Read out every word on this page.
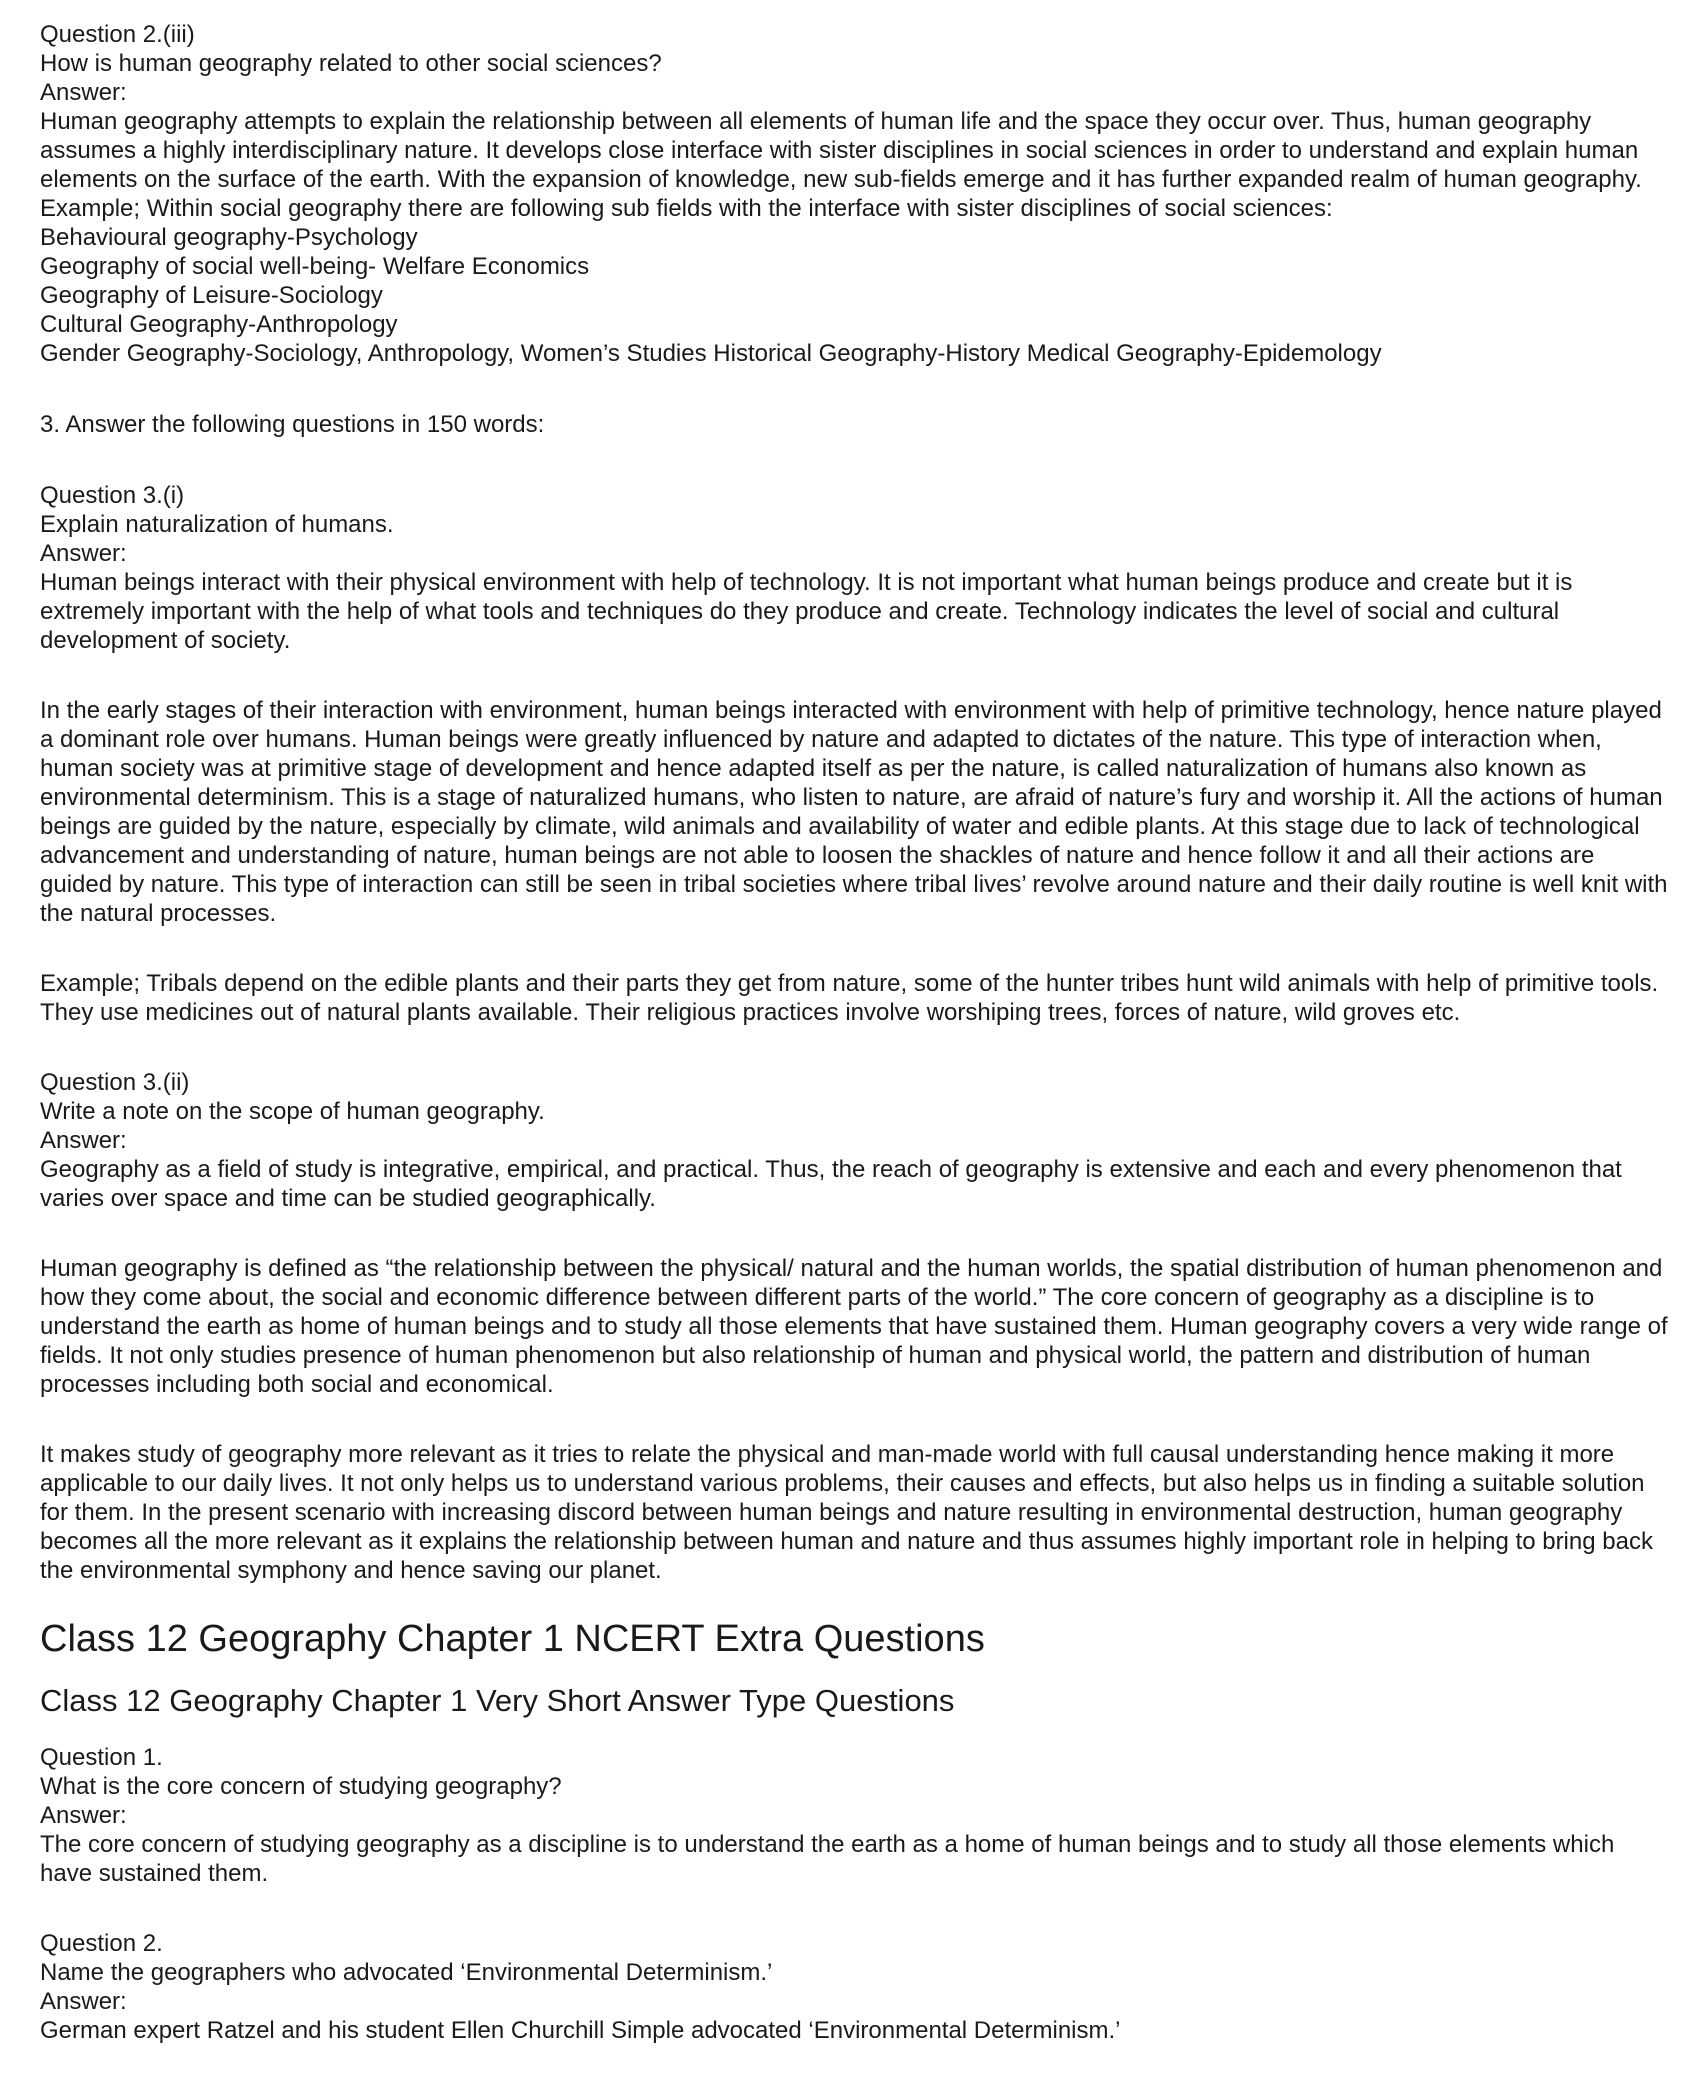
Question 2.(iii)
How is human geography related to other social sciences?
Answer:

Human geography attempts to explain the relationship between all elements of human life and the space they occur over. Thus, human geography assumes a highly interdisciplinary nature. It develops close interface with sister disciplines in social sciences in order to understand and explain human elements on the surface of the earth. With the expansion of knowledge, new sub-fields emerge and it has further expanded realm of human geography.

Example; Within social geography there are following sub fields with the interface with sister disciplines of social sciences:
Behavioural geography-Psychology
Geography of social well-being- Welfare Economics
Geography of Leisure-Sociology
Cultural Geography-Anthropology
Gender Geography-Sociology, Anthropology, Women’s Studies Historical Geography-History Medical Geography-Epidemology
3. Answer the following questions in 150 words:
Question 3.(i)
Explain naturalization of humans.
Answer:

Human beings interact with their physical environment with help of technology. It is not important what human beings produce and create but it is extremely important with the help of what tools and techniques do they produce and create. Technology indicates the level of social and cultural development of society.

In the early stages of their interaction with environment, human beings interacted with environment with help of primitive technology, hence nature played a dominant role over humans. Human beings were greatly influenced by nature and adapted to dictates of the nature. This type of interaction when, human society was at primitive stage of development and hence adapted itself as per the nature, is called naturalization of humans also known as environmental determinism. This is a stage of naturalized humans, who listen to nature, are afraid of nature’s fury and worship it. All the actions of human beings are guided by the nature, especially by climate, wild animals and availability of water and edible plants. At this stage due to lack of technological advancement and understanding of nature, human beings are not able to loosen the shackles of nature and hence follow it and all their actions are guided by nature. This type of interaction can still be seen in tribal societies where tribal lives’ revolve around nature and their daily routine is well knit with the natural processes.

Example; Tribals depend on the edible plants and their parts they get from nature, some of the hunter tribes hunt wild animals with help of primitive tools. They use medicines out of natural plants available. Their religious practices involve worshiping trees, forces of nature, wild groves etc.

Question 3.(ii)
Write a note on the scope of human geography.
Answer:

Geography as a field of study is integrative, empirical, and practical. Thus, the reach of geography is extensive and each and every phenomenon that varies over space and time can be studied geographically.

Human geography is defined as “the relationship between the physical/ natural and the human worlds, the spatial distribution of human phenomenon and how they come about, the social and economic difference between different parts of the world.” The core concern of geography as a discipline is to understand the earth as home of human beings and to study all those elements that have sustained them. Human geography covers a very wide range of fields. It not only studies presence of human phenomenon but also relationship of human and physical world, the pattern and distribution of human processes including both social and economical.

It makes study of geography more relevant as it tries to relate the physical and man-made world with full causal understanding hence making it more applicable to our daily lives. It not only helps us to understand various problems, their causes and effects, but also helps us in finding a suitable solution for them. In the present scenario with increasing discord between human beings and nature resulting in environmental destruction, human geography becomes all the more relevant as it explains the relationship between human and nature and thus assumes highly important role in helping to bring back the environmental symphony and hence saving our planet.

Class 12 Geography Chapter 1 NCERT Extra Questions
Class 12 Geography Chapter 1 Very Short Answer Type Questions
Question 1.
What is the core concern of studying geography?
Answer:

The core concern of studying geography as a discipline is to understand the earth as a home of human beings and to study all those elements which have sustained them.

Question 2.
Name the geographers who advocated ‘Environmental Determinism.’
Answer:

German expert Ratzel and his student Ellen Churchill Simple advocated ‘Environmental Determinism.’
